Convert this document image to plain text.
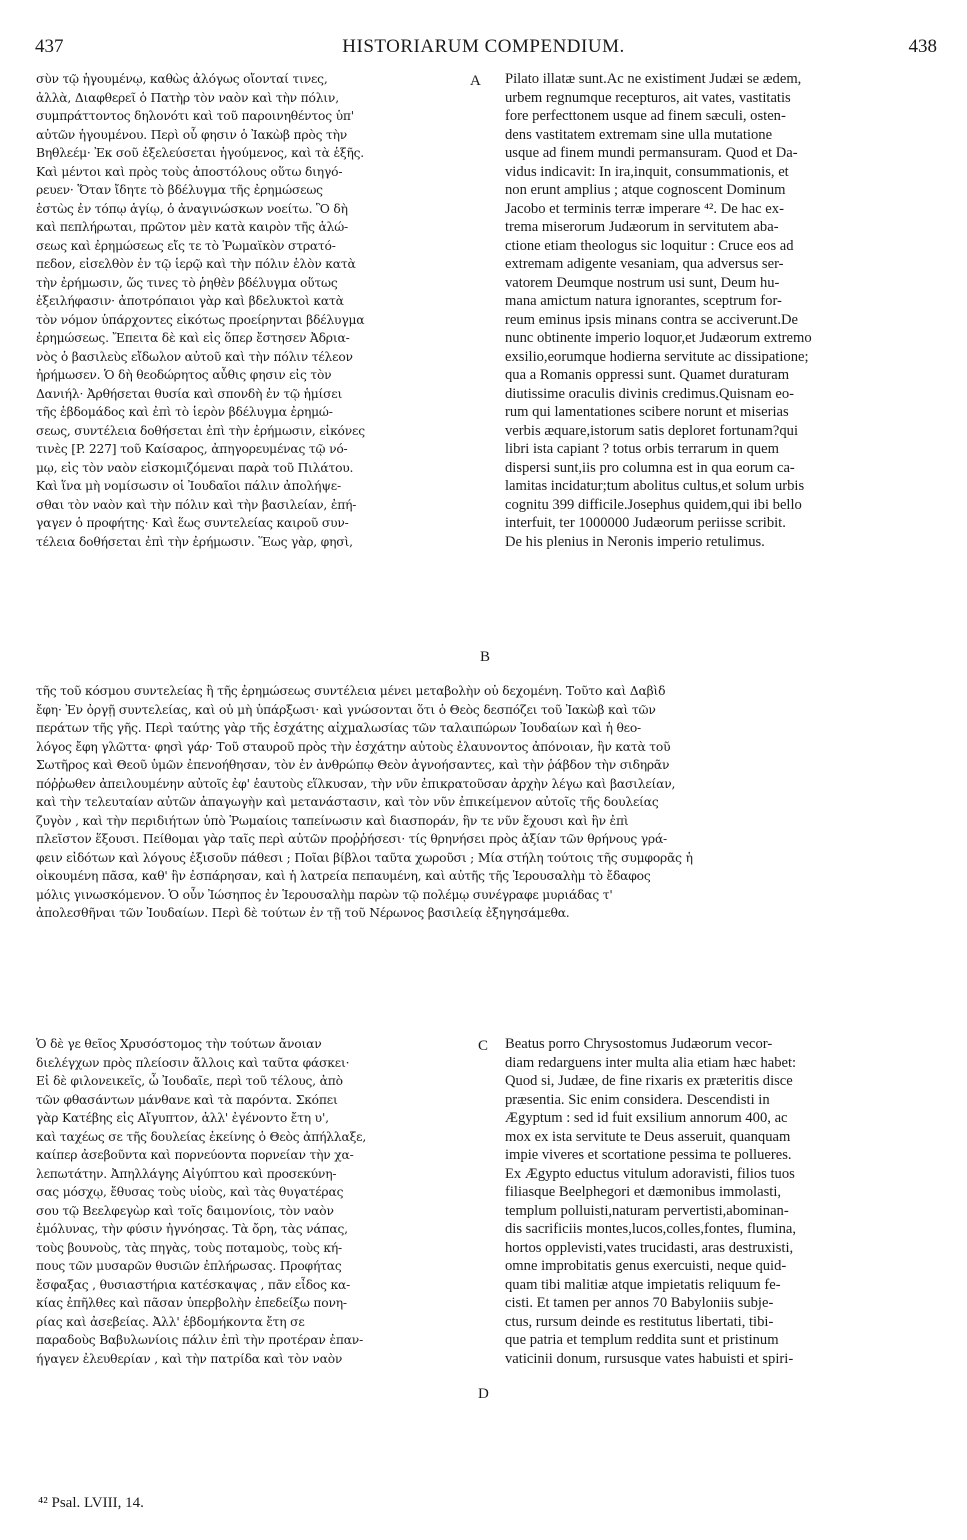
437	HISTORIARUM COMPENDIUM.	438
A
B
C
D
σὺν τῷ ἡγουμένῳ, καθὼς ἀλόγως οἴονταί τινες,
ἀλλὰ, Διαφθερεῖ ὁ Πατὴρ τὸν ναὸν καὶ τὴν πόλιν,
συμπράττοντος δηλονότι καὶ τοῦ παροινηθέντος ὑπ'
αὐτῶν ἡγουμένου. Περὶ οὗ φησιν ὁ Ἰακὼβ πρὸς τὴν
Βηθλεέμ· Ἐκ σοῦ ἐξελεύσεται ἡγούμενος, καὶ τὰ ἑξῆς.
Καὶ μέντοι καὶ πρὸς τοὺς ἀποστόλους οὕτω διηγό-
ρευεν· Ὅταν ἴδητε τὸ βδέλυγμα τῆς ἐρημώσεως
ἑστὼς ἐν τόπῳ ἁγίῳ, ὁ ἀναγινώσκων νοείτω. Ὃ δὴ
καὶ πεπλήρωται, πρῶτον μὲν κατὰ καιρὸν τῆς ἁλώ-
σεως καὶ ἐρημώσεως εἴς τε τὸ Ῥωμαϊκὸν στρατό-
πεδον, εἰσελθὸν ἐν τῷ ἱερῷ καὶ τὴν πόλιν ἑλὸν κατὰ
τὴν ἐρήμωσιν, ὥς τινες τὸ ῥηθὲν βδέλυγμα οὕτως
ἐξειλήφασιν· ἀποτρόπαιοι γὰρ καὶ βδελυκτοὶ κατὰ
τὸν νόμον ὑπάρχοντες εἰκότως προείρηνται βδέλυγμα
ἐρημώσεως. Ἔπειτα δὲ καὶ εἰς ὅπερ ἔστησεν Ἀδρια-
νὸς ὁ βασιλεὺς εἴδωλον αὐτοῦ καὶ τὴν πόλιν τέλεον
ἠρήμωσεν. Ὁ δὴ θεοδώρητος αὖθις φησιν εἰς τὸν
Δανιήλ· Ἀρθήσεται θυσία καὶ σπονδὴ ἐν τῷ ἡμίσει
τῆς ἑβδομάδος καὶ ἐπὶ τὸ ἱερὸν βδέλυγμα ἐρημώ-
σεως, συντέλεια δοθήσεται ἐπὶ τὴν ἐρήμωσιν, εἰκόνες
τινὲς [P. 227] τοῦ Καίσαρος, ἀπηγορευμένας τῷ νό-
μῳ, εἰς τὸν ναὸν εἰσκομιζόμεναι παρὰ τοῦ Πιλάτου.
Καὶ ἵνα μὴ νομίσωσιν οἱ Ἰουδαῖοι πάλιν ἀπολήψε-
σθαι τὸν ναὸν καὶ τὴν πόλιν καὶ τὴν βασιλείαν, ἐπή-
γαγεν ὁ προφήτης· Καὶ ἕως συντελείας καιροῦ συν-
τέλεια δοθήσεται ἐπὶ τὴν ἐρήμωσιν. Ἕως γὰρ, φησὶ,
Pilato illatæ sunt.Ac ne existiment Judæi se ædem,
urbem regnumque recepturos, ait vates, vastitatis
fore perfecttonem usque ad finem sæculi, osten-
dens vastitatem extremam sine ulla mutatione
usque ad finem mundi permansuram. Quod et Da-
vidus indicavit: In ira,inquit, consummationis, et
non erunt amplius ; atque cognoscent Dominum
Jacobo et terminis terræ imperare ⁴². De hac ex-
trema miserorum Judæorum in servitutem aba-
ctione etiam theologus sic loquitur : Cruce eos ad
extremam adigente vesaniam, qua adversus ser-
vatorem Deumque nostrum usi sunt, Deum hu-
mana amictum natura ignorantes, sceptrum for-
reum eminus ipsis minans contra se acciverunt.De
nunc obtinente imperio loquor,et Judæorum extremo
exsilio,eorumque hodierna servitute ac dissipatione;
qua a Romanis oppressi sunt. Quamet duraturam
diutissime oraculis divinis credimus.Quisnam eo-
rum qui lamentationes scibere norunt et miserias
verbis æquare,istorum satis deploret fortunam?qui
libri ista capiant ? totus orbis terrarum in quem
dispersi sunt,iis pro columna est in qua eorum ca-
lamitas incidatur;tum abolitus cultus,et solum urbis
cognitu 399 difficile.Josephus quidem,qui ibi bello
interfuit, ter 1000000 Judæorum periisse scribit.
De his plenius in Neronis imperio retulimus.
τῆς τοῦ κόσμου συντελείας ἢ τῆς ἐρημώσεως συντέλεια μένει μεταβολὴν οὐ δεχομένη. Τοῦτο καὶ Δαβὶδ
ἔφη· Ἐν ὀργῇ συντελείας, καὶ οὐ μὴ ὑπάρξωσι· καὶ γνώσονται ὅτι ὁ Θεὸς δεσπόζει τοῦ Ἰακὼβ καὶ τῶν
περάτων τῆς γῆς. Περὶ ταύτης γὰρ τῆς ἐσχάτης αἰχμαλωσίας τῶν ταλαιπώρων Ἰουδαίων καὶ ἡ θεο-
λόγος ἔφη γλῶττα· φησὶ γάρ· Τοῦ σταυροῦ πρὸς τὴν ἐσχάτην αὐτοὺς ἐλαυνοντος ἀπόνοιαν, ἣν κατὰ τοῦ
Σωτῆρος καὶ Θεοῦ ὑμῶν ἐπενοήθησαν, τὸν ἐν ἀνθρώπῳ Θεὸν ἀγνοήσαντες, καὶ τὴν ῥάβδον τὴν σιδηρᾶν
πόῤῥωθεν ἀπειλουμένην αὐτοῖς ἐφ' ἑαυτοὺς εἵλκυσαν, τὴν νῦν ἐπικρατοῦσαν ἀρχὴν λέγω καὶ βασιλείαν,
καὶ τὴν τελευταίαν αὐτῶν ἀπαγωγὴν καὶ μετανάστασιν, καὶ τὸν νῦν ἐπικείμενον αὐτοῖς τῆς δουλείας
ζυγὸν , καὶ τὴν περιδιήτων ὑπὸ Ῥωμαίοις ταπείνωσιν καὶ διασποράν, ἣν τε νῦν ἔχουσι καὶ ἣν ἐπὶ
πλεῖστον ἕξουσι. Πείθομαι γὰρ ταῖς περὶ αὐτῶν προῤῥήσεσι· τίς θρηνήσει πρὸς ἀξίαν τῶν θρήνους γρά-
φειν εἰδότων καὶ λόγους ἐξισοῦν πάθεσι ; Ποῖαι βίβλοι ταῦτα χωροῦσι ; Μία στήλη τούτοις τῆς συμφορᾶς ἡ
οἰκουμένη πᾶσα, καθ' ἣν ἐσπάρησαν, καὶ ἡ λατρεία πεπαυμένη, καὶ αὐτῆς τῆς Ἱερουσαλὴμ τὸ ἔδαφος
μόλις γινωσκόμενον. Ὁ οὖν Ἰώσηπος ἐν Ἱερουσαλὴμ παρὼν τῷ πολέμῳ συνέγραφε μυριάδας τ'
ἀπολεσθῆναι τῶν Ἰουδαίων. Περὶ δὲ τούτων ἐν τῇ τοῦ Νέρωνος βασιλείᾳ ἐξηγησάμεθα.
Ὁ δὲ γε θεῖος Χρυσόστομος τὴν τούτων ἄνοιαν
διελέγχων πρὸς πλείοσιν ἄλλοις καὶ ταῦτα φάσκει·
Εἰ δὲ φιλονεικεῖς, ὦ Ἰουδαῖε, περὶ τοῦ τέλους, ἀπὸ
τῶν φθασάντων μάνθανε καὶ τὰ παρόντα. Σκόπει
γὰρ Κατέβης εἰς Αἴγυπτον, ἀλλ' ἐγένοντο ἔτη υ',
καὶ ταχέως σε τῆς δουλείας ἐκείνης ὁ Θεὸς ἀπήλλαξε,
καίπερ ἀσεβοῦντα καὶ πορνεύοντα πορνείαν τὴν χα-
λεπωτάτην. Ἀπηλλάγης Αἰγύπτου καὶ προσεκύνη-
σας μόσχῳ, ἔθυσας τοὺς υἱοὺς, καὶ τὰς θυγατέρας
σου τῷ Βεελφεγὼρ καὶ τοῖς δαιμονίοις, τὸν ναὸν
ἐμόλυνας, τὴν φύσιν ἠγνόησας. Τὰ ὄρη, τὰς νάπας,
τοὺς βουνοὺς, τὰς πηγὰς, τοὺς ποταμοὺς, τοὺς κή-
πους τῶν μυσαρῶν θυσιῶν ἐπλήρωσας. Προφήτας
ἔσφαξας , θυσιαστήρια κατέσκαψας , πᾶν εἶδος κα-
κίας ἐπῆλθες καὶ πᾶσαν ὑπερβολὴν ἐπεδείξω πονη-
ρίας καὶ ἀσεβείας. Ἀλλ' ἑβδομήκοντα ἔτη σε
παραδοὺς Βαβυλωνίοις πάλιν ἐπὶ τὴν προτέραν ἐπαν-
ήγαγεν ἐλευθερίαν , καὶ τὴν πατρίδα καὶ τὸν ναὸν
Beatus porro Chrysostomus Judæorum vecor-
diam redarguens inter multa alia etiam hæc habet:
Quod si, Judæe, de fine rixaris ex præteritis disce
præsentia. Sic enim considera. Descendisti in
Ægyptum : sed id fuit exsilium annorum 400, ac
mox ex ista servitute te Deus asseruit, quanquam
impie viveres et scortatione pessima te pollueres.
Ex Ægypto eductus vitulum adoravisti, filios tuos
filiasque Beelphegori et dæmonibus immolasti,
templum polluisti,naturam pervertisti,abominan-
dis sacrificiis montes,lucos,colles,fontes, flumina,
hortos opplevisti,vates trucidasti, aras destruxisti,
omne improbitatis genus exercuisti, neque quid-
quam tibi malitiæ atque impietatis reliquum fe-
cisti. Et tamen per annos 70 Babyloniis subje-
ctus, rursum deinde es restitutus libertati, tibi-
que patria et templum reddita sunt et pristinum
vaticinii donum, rursusque vates habuisti et spiri-
⁴² Psal. LVIII, 14.
